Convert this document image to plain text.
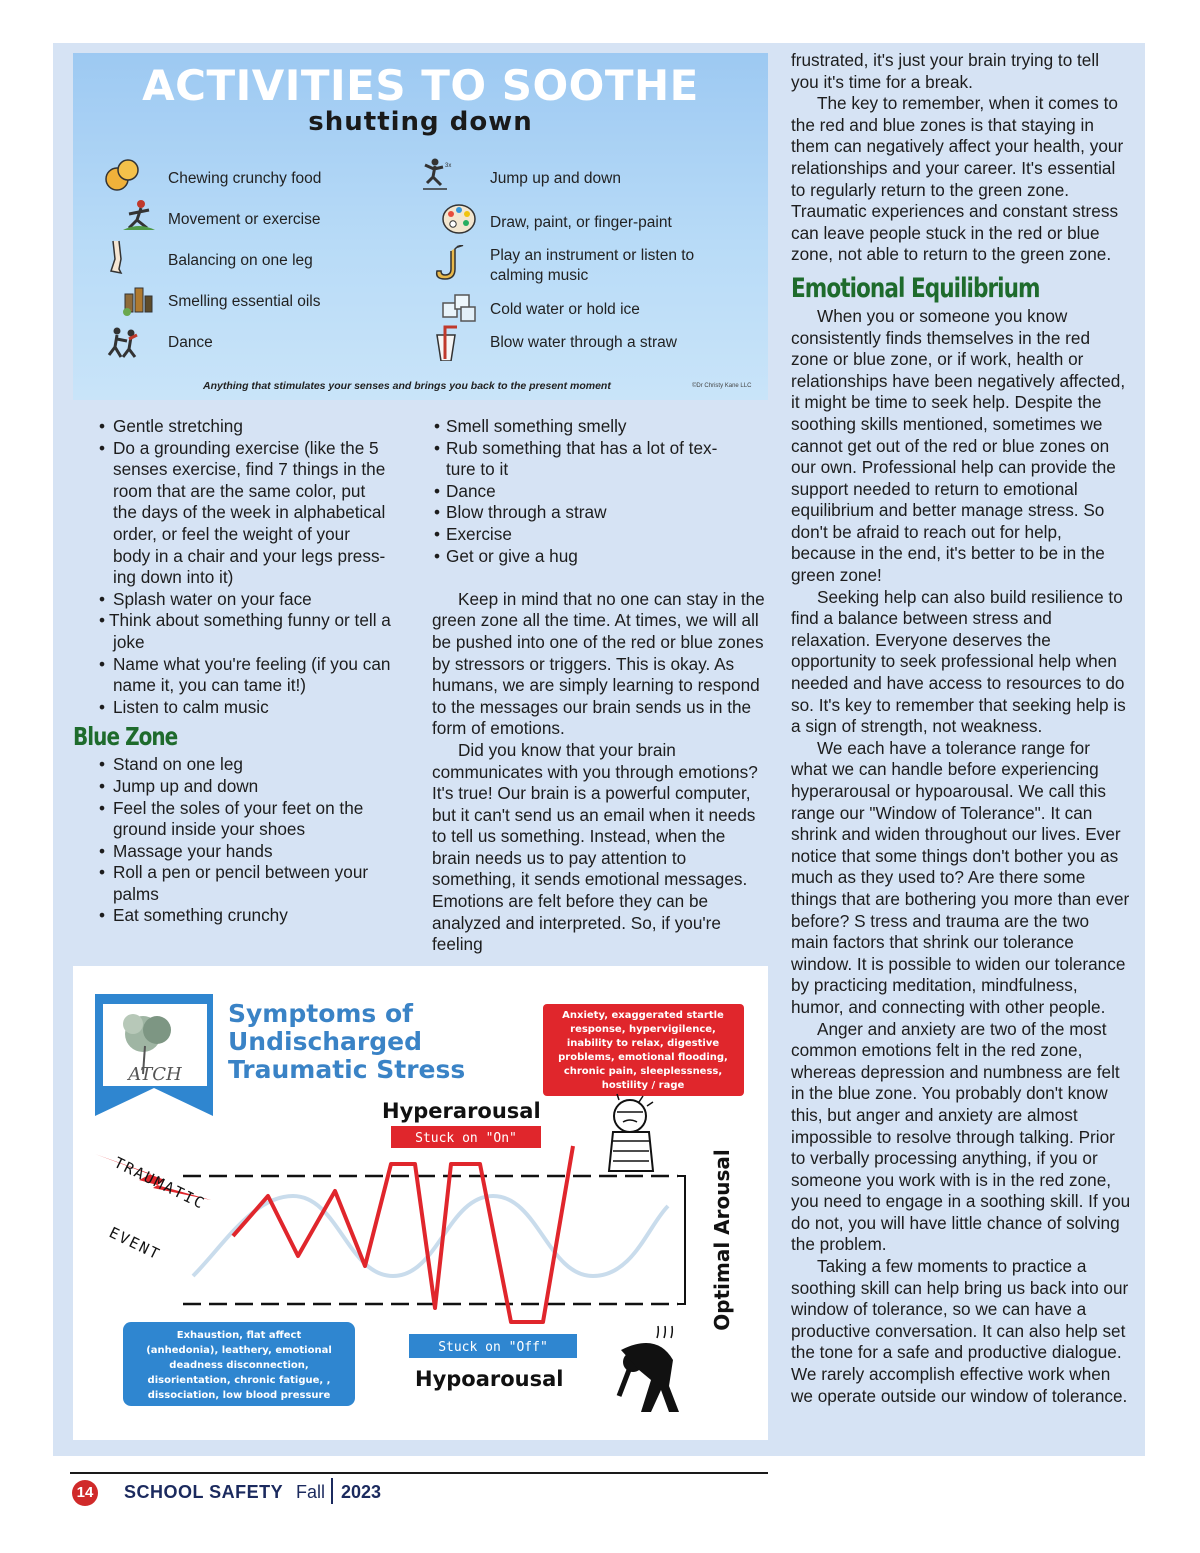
ACTIVITIES TO SOOTHE
shutting down
Chewing crunchy food
Movement or exercise
Balancing on one leg
Smelling essential oils
Dance
3x
Jump up and down
Draw, paint, or finger-paint
Play an instrument or listen to
calming music
Cold water or hold ice
Blow water through a straw
Anything that stimulates your senses and brings you back to the present moment	©Dr Christy Kane LLC
• Gentle stretching
• Do a grounding exercise (like the 5
senses exercise, find 7 things in the
room that are the same color, put
the days of the week in alphabetical
order, or feel the weight of your
body in a chair and your legs press-
ing down into it)
• Splash water on your face
• Think about something funny or tell a
joke
• Name what you're feeling (if you can
name it, you can tame it!)
• Listen to calm music
Blue Zone
• Stand on one leg
• Jump up and down
• Feel the soles of your feet on the
ground inside your shoes
• Massage your hands
• Roll a pen or pencil between your
palms
• Eat something crunchy
• Smell something smelly
• Rub something that has a lot of tex-
ture to it
• Dance
• Blow through a straw
• Exercise
• Get or give a hug

Keep in mind that no one can stay in the green zone all the time. At times, we will all be pushed into one of the red or blue zones by stressors or triggers. This is okay. As humans, we are simply learning to respond to the messages our brain sends us in the form of emotions.

Did you know that your brain communicates with you through emotions? It's true! Our brain is a powerful computer, but it can't send us an email when it needs to tell us something. Instead, when the brain needs us to pay attention to something, it sends emotional messages. Emotions are felt before they can be analyzed and interpreted. So, if you're feeling

frustrated, it's just your brain trying to tell you it's time for a break.

The key to remember, when it comes to the red and blue zones is that staying in them can negatively affect your health, your relationships and your career. It's essential to regularly return to the green zone. Traumatic experiences and constant stress can leave people stuck in the red or blue zone, not able to return to the green zone.

Emotional Equilibrium

When you or someone you know consistently finds themselves in the red zone or blue zone, or if work, health or relationships have been negatively affected, it might be time to seek help. Despite the soothing skills mentioned, sometimes we cannot get out of the red or blue zones on our own. Professional help can provide the support needed to return to emotional equilibrium and better manage stress. So don't be afraid to reach out for help, because in the end, it's better to be in the green zone!

Seeking help can also build resilience to find a balance between stress and relaxation. Everyone deserves the opportunity to seek professional help when needed and have access to resources to do so. It's key to remember that seeking help is a sign of strength, not weakness.

We each have a tolerance range for what we can handle before experiencing hyperarousal or hypoarousal. We call this range our "Window of Tolerance". It can shrink and widen throughout our lives. Ever notice that some things don't bother you as much as they used to? Are there some things that are bothering you more than ever before? S tress and trauma are the two main factors that shrink our tolerance window. It is possible to widen our tolerance by practicing meditation, mindfulness, humor, and connecting with other people.

Anger and anxiety are two of the most common emotions felt in the red zone, whereas depression and numbness are felt in the blue zone. You probably don't know this, but anger and anxiety are almost impossible to resolve through talking. Prior to verbally processing anything, if you or someone you work with is in the red zone, you need to engage in a soothing skill. If you do not, you will have little chance of solving the problem.

Taking a few moments to practice a soothing skill can help bring us back into our window of tolerance, so we can have a productive conversation. It can also help set the tone for a safe and productive dialogue. We rarely accomplish effective work when we operate outside our window of tolerance.

ATCH
Symptoms of
Undischarged
Traumatic Stress
Anxiety, exaggerated startle
response, hypervigilence,
inability to relax, digestive
problems, emotional flooding,
chronic pain, sleeplessness,
hostility / rage
Hyperarousal
Stuck on "On"
Optimal Arousal
TRAUMATIC
EVENT
Exhaustion, flat affect
(anhedonia), leathery, emotional
deadness disconnection,
disorientation, chronic fatigue, ,
dissociation, low blood pressure
Stuck on "Off"
Hypoarousal
14 SCHOOL SAFETY Fall 2023
